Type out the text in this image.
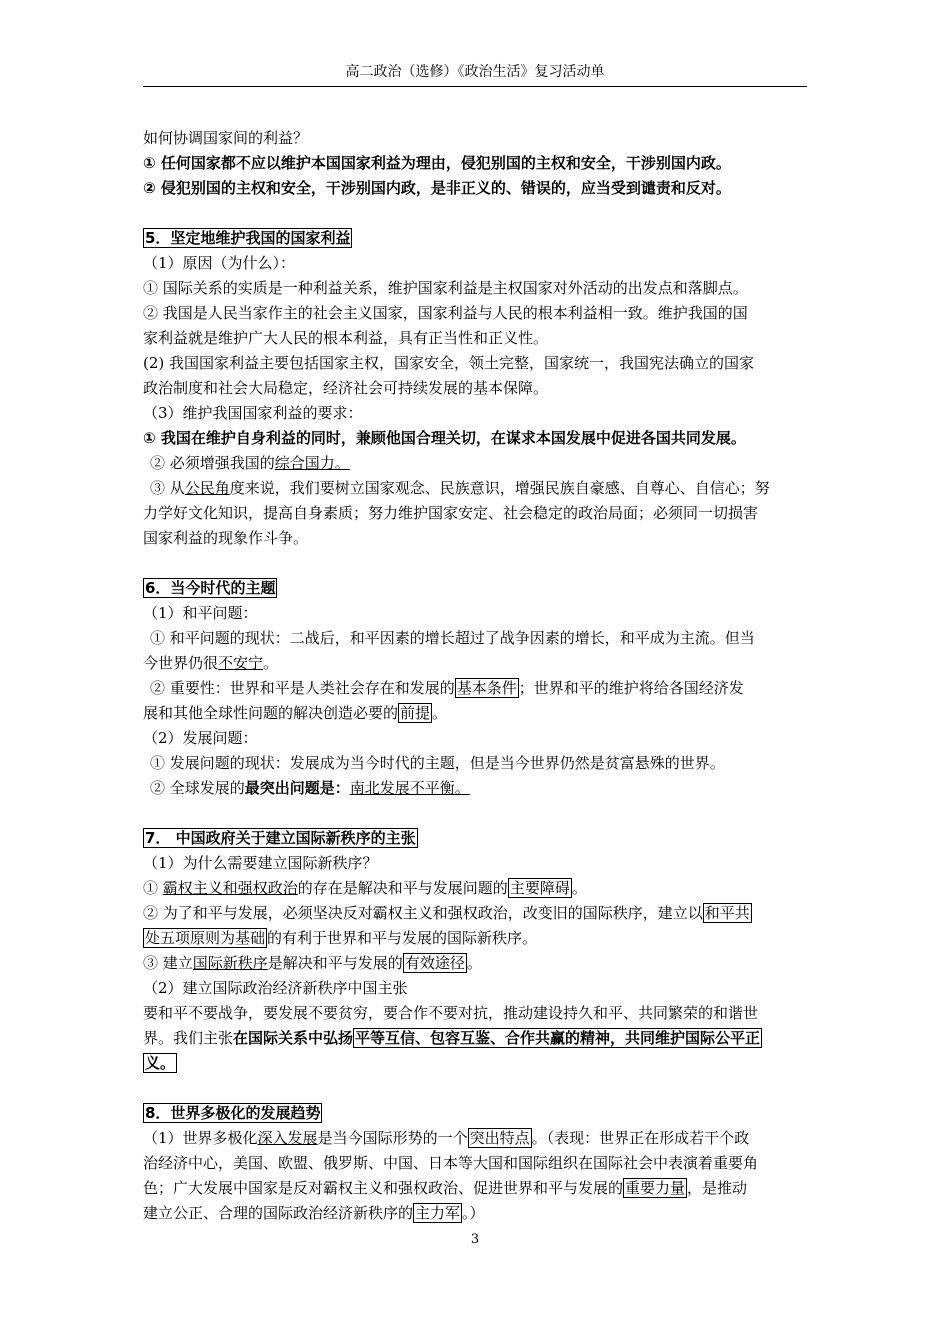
高二政治（选修）《政治生活》复习活动单

如何协调国家间的利益？

① 任何国家都不应以维护本国国家利益为理由，侵犯别国的主权和安全，干涉别国内政。

② 侵犯别国的主权和安全，干涉别国内政，是非正义的、错误的，应当受到谴责和反对。

5．坚定地维护我国的国家利益

（1）原因（为什么）：

① 国际关系的实质是一种利益关系，维护国家利益是主权国家对外活动的出发点和落脚点。

② 我国是人民当家作主的社会主义国家，国家利益与人民的根本利益相一致。维护我国的国

家利益就是维护广大人民的根本利益，具有正当性和正义性。

(2) 我国国家利益主要包括国家主权，国家安全，领土完整，国家统一，我国宪法确立的国家

政治制度和社会大局稳定，经济社会可持续发展的基本保障。

（3）维护我国国家利益的要求：

① 我国在维护自身利益的同时，兼顾他国合理关切，在谋求本国发展中促进各国共同发展。

② 必须增强我国的综合国力。

③ 从公民角度来说，我们要树立国家观念、民族意识，增强民族自豪感、自尊心、自信心；努

力学好文化知识，提高自身素质；努力维护国家安定、社会稳定的政治局面；必须同一切损害

国家利益的现象作斗争。

6．当今时代的主题

（1）和平问题：

① 和平问题的现状：二战后，和平因素的增长超过了战争因素的增长，和平成为主流。但当

今世界仍很不安宁。

② 重要性：世界和平是人类社会存在和发展的 基本条件 ；世界和平的维护将给各国经济发

展和其他全球性问题的解决创造必要的 前提 。

（2）发展问题：

① 发展问题的现状：发展成为当今时代的主题，但是当今世界仍然是贫富悬殊的世界。

② 全球发展的最突出问题是：南北发展不平衡。

7． 中国政府关于建立国际新秩序的主张

（1）为什么需要建立国际新秩序？

① 霸权主义和强权政治的存在是解决和平与发展问题的 主要障碍 。

② 为了和平与发展，必须坚决反对霸权主义和强权政治，改变旧的国际秩序，建立以 和平共

处五项原则为基础 的有利于世界和平与发展的国际新秩序。

③ 建立国际新秩序是解决和平与发展的 有效途径 。

（2）建立国际政治经济新秩序中国主张

要和平不要战争，要发展不要贫穷，要合作不要对抗，推动建设持久和平、共同繁荣的和谐世

界。我们主张在国际关系中弘扬 平等互信、包容互鉴、合作共赢的精神，共同维护国际公平正

义。

8．世界多极化的发展趋势

（1）世界多极化深入发展是当今国际形势的一个 突出特点 。（表现：世界正在形成若干个政

治经济中心，美国、欧盟、俄罗斯、中国、日本等大国和国际组织在国际社会中表演着重要角

色；广大发展中国家是反对霸权主义和强权政治、促进世界和平与发展的 重要力量 ，是推动

建立公正、合理的国际政治经济新秩序的 主力军 。）

3
